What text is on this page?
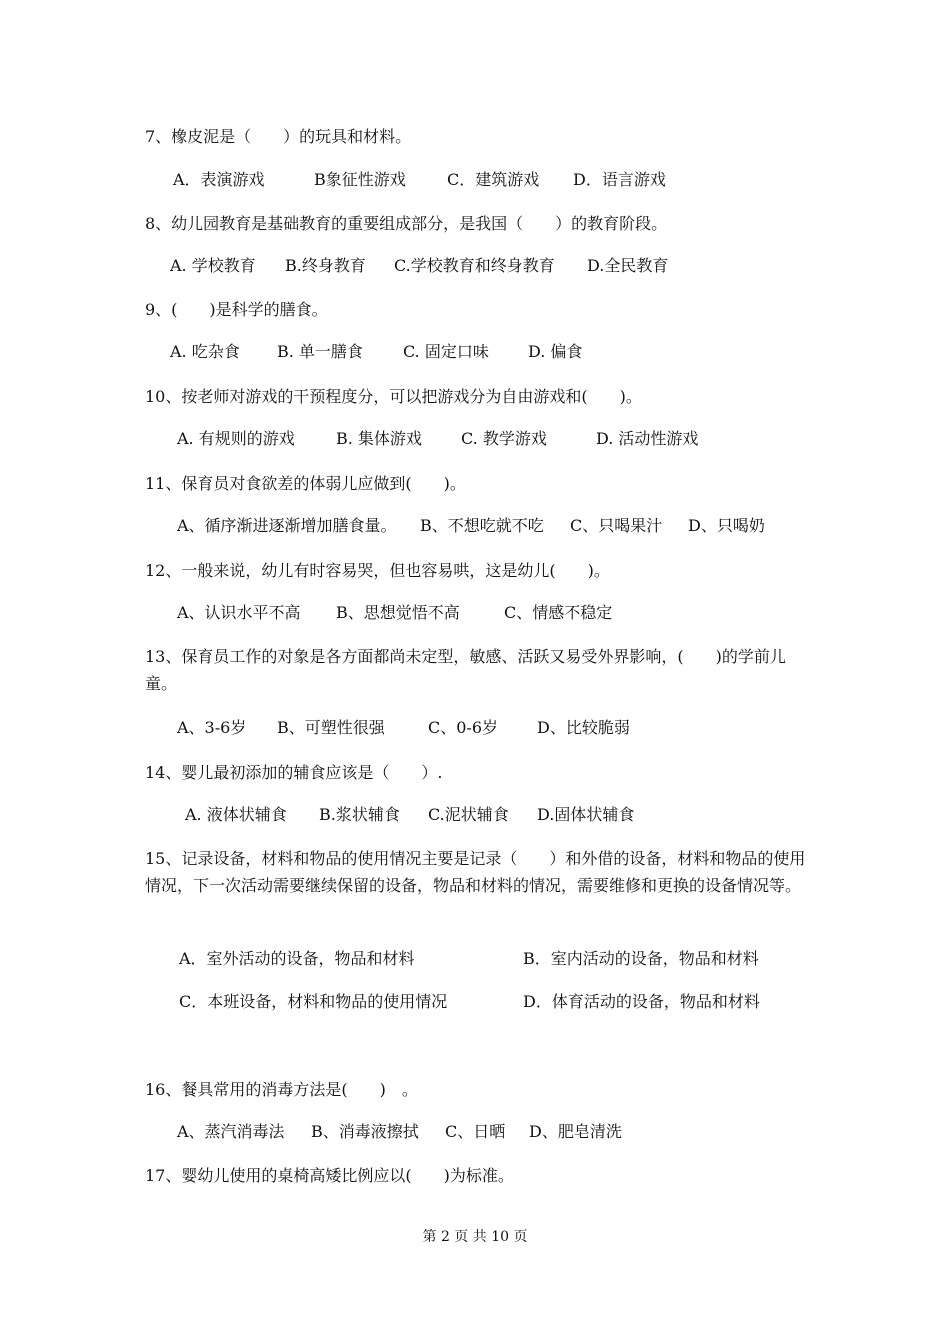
7、橡皮泥是（　　）的玩具和材料。

A．表演游戏	B象征性游戏	C．建筑游戏 D．语言游戏

8、幼儿园教育是基础教育的重要组成部分，是我国（　　）的教育阶段。

A. 学校教育 B.终身教育 C.学校教育和终身教育 D.全民教育

9、(　　)是科学的膳食。

A. 吃杂食 B. 单一膳食	C. 固定口味 D. 偏食

10、按老师对游戏的干预程度分，可以把游戏分为自由游戏和(　　)。

A. 有规则的游戏	B. 集体游戏 C. 教学游戏	D. 活动性游戏

11、保育员对食欲差的体弱儿应做到(　　)。

A、循序渐进逐渐增加膳食量。 B、不想吃就不吃 C、只喝果汁 D、只喝奶

12、一般来说，幼儿有时容易哭，但也容易哄，这是幼儿(　　)。

A、认识水平不高 B、思想觉悟不高	C、情感不稳定

13、保育员工作的对象是各方面都尚未定型，敏感、活跃又易受外界影响，(　　)的学前儿童。

A、3-6岁 B、可塑性很强	C、0-6岁 D、比较脆弱

14、婴儿最初添加的辅食应该是（　　）.

A. 液体状辅食 B.浆状辅食 C.泥状辅食 D.固体状辅食

15、记录设备，材料和物品的使用情况主要是记录（　　）和外借的设备，材料和物品的使用情况，下一次活动需要继续保留的设备，物品和材料的情况，需要维修和更换的设备情况等。

A．室外活动的设备，物品和材料	B．室内活动的设备，物品和材料
C．本班设备，材料和物品的使用情况	D．体育活动的设备，物品和材料

16、餐具常用的消毒方法是(　　)　。

A、蒸汽消毒法 B、消毒液擦拭 C、日晒 D、肥皂清洗

17、婴幼儿使用的桌椅高矮比例应以(　　)为标准。

第 2 页 共 10 页
